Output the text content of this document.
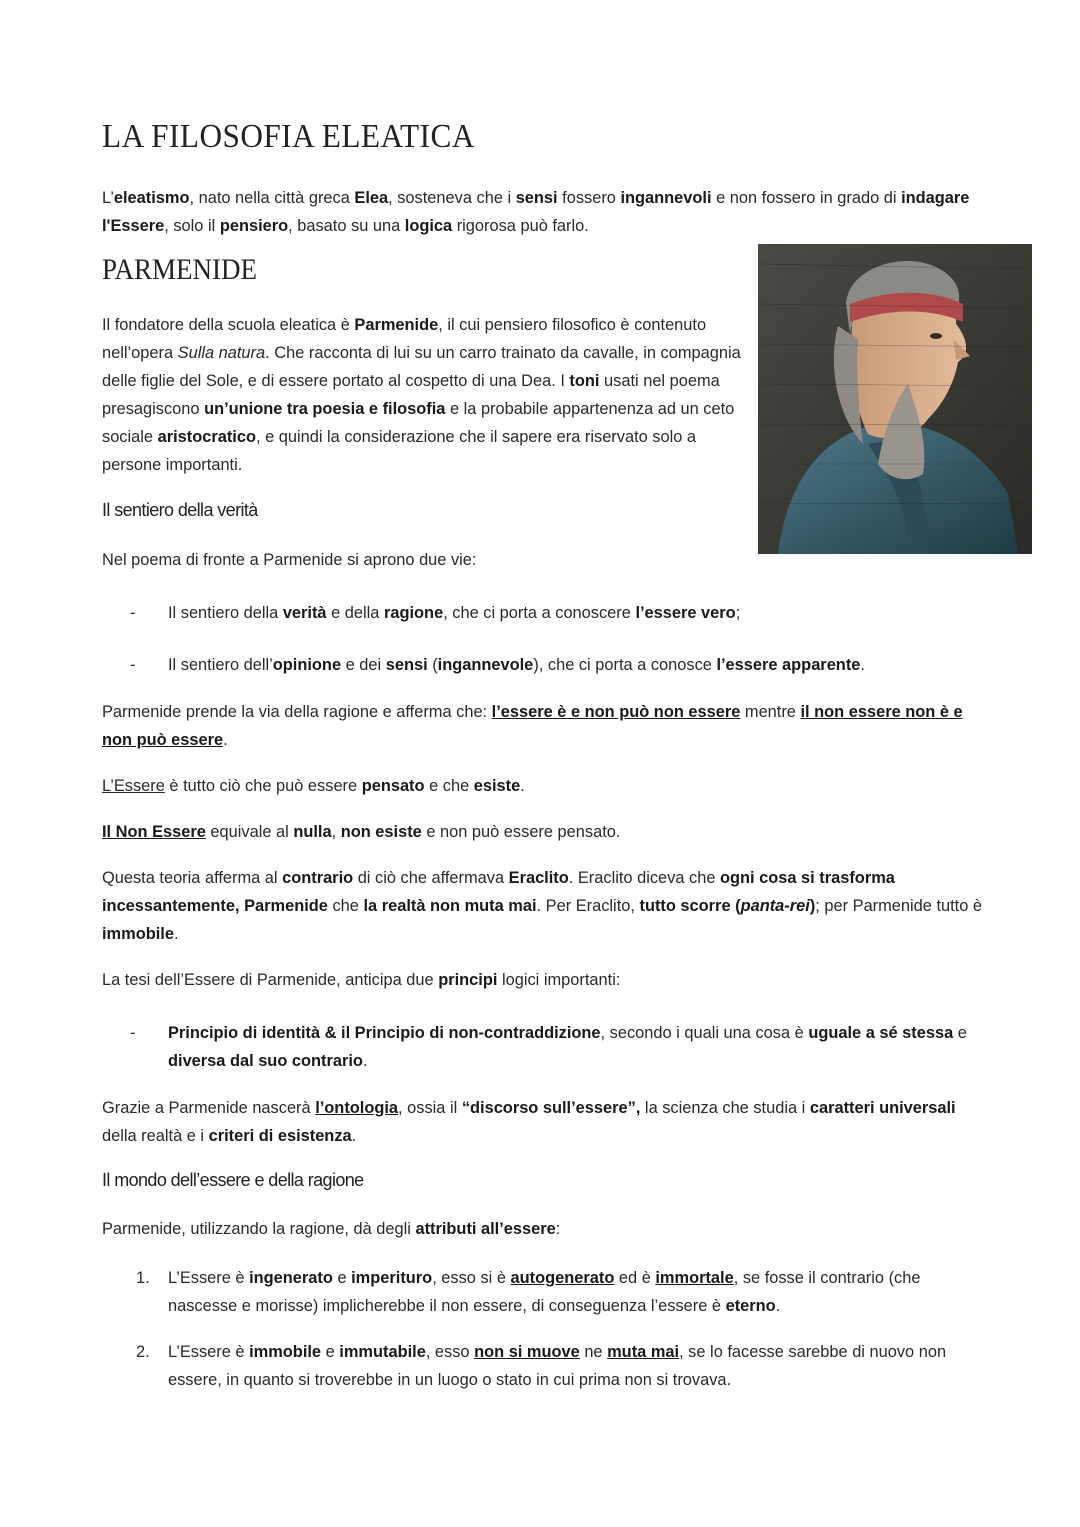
LA FILOSOFIA ELEATICA

L’eleatismo, nato nella città greca Elea, sosteneva che i sensi fossero ingannevoli e non fossero in grado di indagare l'Essere, solo il pensiero, basato su una logica rigorosa può farlo.

PARMENIDE

Il fondatore della scuola eleatica è Parmenide, il cui pensiero filosofico è contenuto nell’opera Sulla natura. Che racconta di lui su un carro trainato da cavalle, in compagnia delle figlie del Sole, e di essere portato al cospetto di una Dea. I toni usati nel poema presagiscono un’unione tra poesia e filosofia e la probabile appartenenza ad un ceto sociale aristocratico, e quindi la considerazione che il sapere era riservato solo a persone importanti.

Il sentiero della verità

Nel poema di fronte a Parmenide si aprono due vie:

- Il sentiero della verità e della ragione, che ci porta a conoscere l’essere vero;
- Il sentiero dell’opinione e dei sensi (ingannevole), che ci porta a conosce l’essere apparente.

Parmenide prende la via della ragione e afferma che: l’essere è e non può non essere mentre il non essere non è e non può essere.

L’Essere è tutto ciò che può essere pensato e che esiste.

Il Non Essere equivale al nulla, non esiste e non può essere pensato.

Questa teoria afferma al contrario di ciò che affermava Eraclito. Eraclito diceva che ogni cosa si trasforma incessantemente, Parmenide che la realtà non muta mai. Per Eraclito, tutto scorre (panta-rei); per Parmenide tutto è immobile.

La tesi dell’Essere di Parmenide, anticipa due principi logici importanti:

- Principio di identità & il Principio di non-contraddizione, secondo i quali una cosa è uguale a sé stessa e diversa dal suo contrario.

Grazie a Parmenide nascerà l’ontologia, ossia il “discorso sull’essere”, la scienza che studia i caratteri universali della realtà e i criteri di esistenza.

Il mondo dell’essere e della ragione

Parmenide, utilizzando la ragione, dà degli attributi all’essere:

1. L’Essere è ingenerato e imperituro, esso si è autogenerato ed è immortale, se fosse il contrario (che nascesse e morisse) implicherebbe il non essere, di conseguenza l’essere è eterno.
2. L’Essere è immobile e immutabile, esso non si muove ne muta mai, se lo facesse sarebbe di nuovo non essere, in quanto si troverebbe in un luogo o stato in cui prima non si trovava.
